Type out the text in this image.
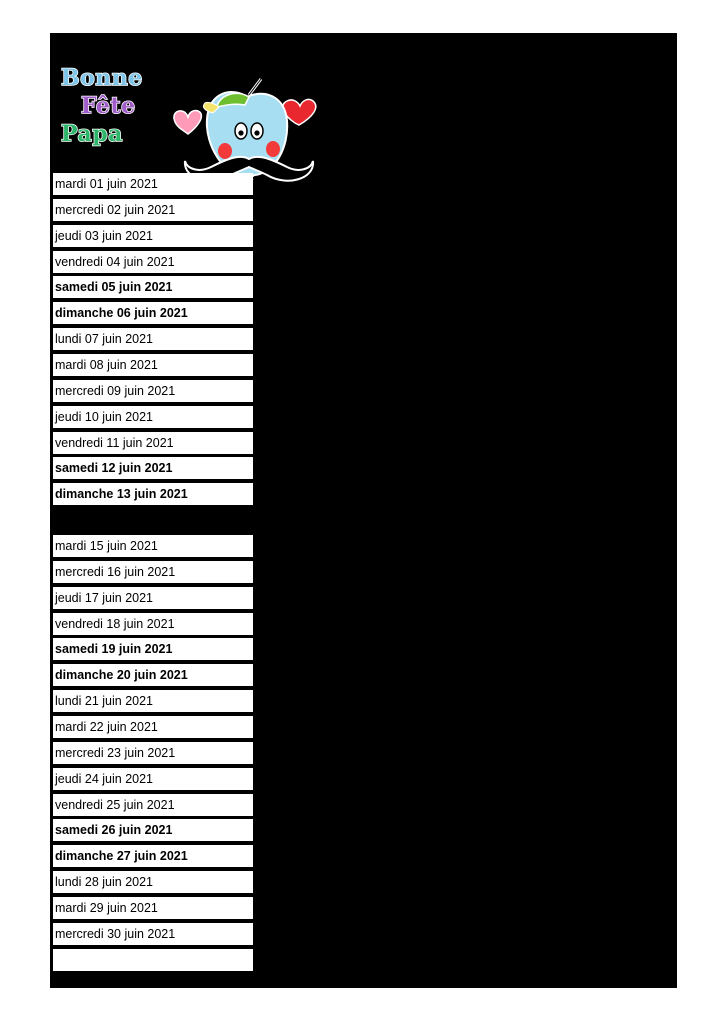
Bonne
Fête
Papa
mardi 01 juin 2021
mercredi 02 juin 2021
jeudi 03 juin 2021
vendredi 04 juin 2021
samedi 05 juin 2021
dimanche 06 juin 2021
lundi 07 juin 2021
mardi 08 juin 2021
mercredi 09 juin 2021
jeudi 10 juin 2021
vendredi 11 juin 2021
samedi 12 juin 2021
dimanche 13 juin 2021
mardi 15 juin 2021
mercredi 16 juin 2021
jeudi 17 juin 2021
vendredi 18 juin 2021
samedi 19 juin 2021
dimanche 20 juin 2021
lundi 21 juin 2021
mardi 22 juin 2021
mercredi 23 juin 2021
jeudi 24 juin 2021
vendredi 25 juin 2021
samedi 26 juin 2021
dimanche 27 juin 2021
lundi 28 juin 2021
mardi 29 juin 2021
mercredi 30 juin 2021
